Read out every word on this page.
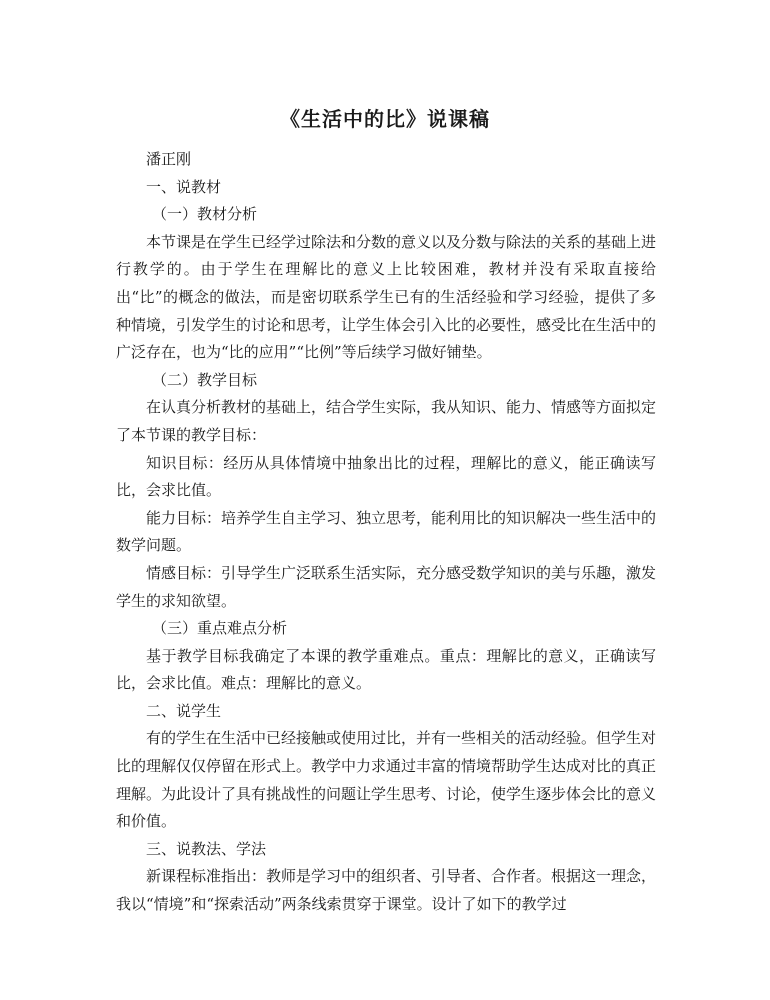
《生活中的比》说课稿

潘正刚

一、说教材

（一）教材分析

本节课是在学生已经学过除法和分数的意义以及分数与除法的关系的基础上进行教学的。由于学生在理解比的意义上比较困难，教材并没有采取直接给出“比”的概念的做法，而是密切联系学生已有的生活经验和学习经验，提供了多种情境，引发学生的讨论和思考，让学生体会引入比的必要性，感受比在生活中的广泛存在，也为“比的应用”“比例”等后续学习做好铺垫。

（二）教学目标

在认真分析教材的基础上，结合学生实际，我从知识、能力、情感等方面拟定了本节课的教学目标：

知识目标：经历从具体情境中抽象出比的过程，理解比的意义，能正确读写比，会求比值。

能力目标：培养学生自主学习、独立思考，能利用比的知识解决一些生活中的数学问题。

情感目标：引导学生广泛联系生活实际，充分感受数学知识的美与乐趣，激发学生的求知欲望。

（三）重点难点分析

基于教学目标我确定了本课的教学重难点。重点：理解比的意义，正确读写比，会求比值。难点：理解比的意义。

二、说学生

有的学生在生活中已经接触或使用过比，并有一些相关的活动经验。但学生对比的理解仅仅停留在形式上。教学中力求通过丰富的情境帮助学生达成对比的真正理解。为此设计了具有挑战性的问题让学生思考、讨论，使学生逐步体会比的意义和价值。

三、说教法、学法

新课程标准指出：教师是学习中的组织者、引导者、合作者。根据这一理念，我以“情境”和“探索活动”两条线索贯穿于课堂。设计了如下的教学过
